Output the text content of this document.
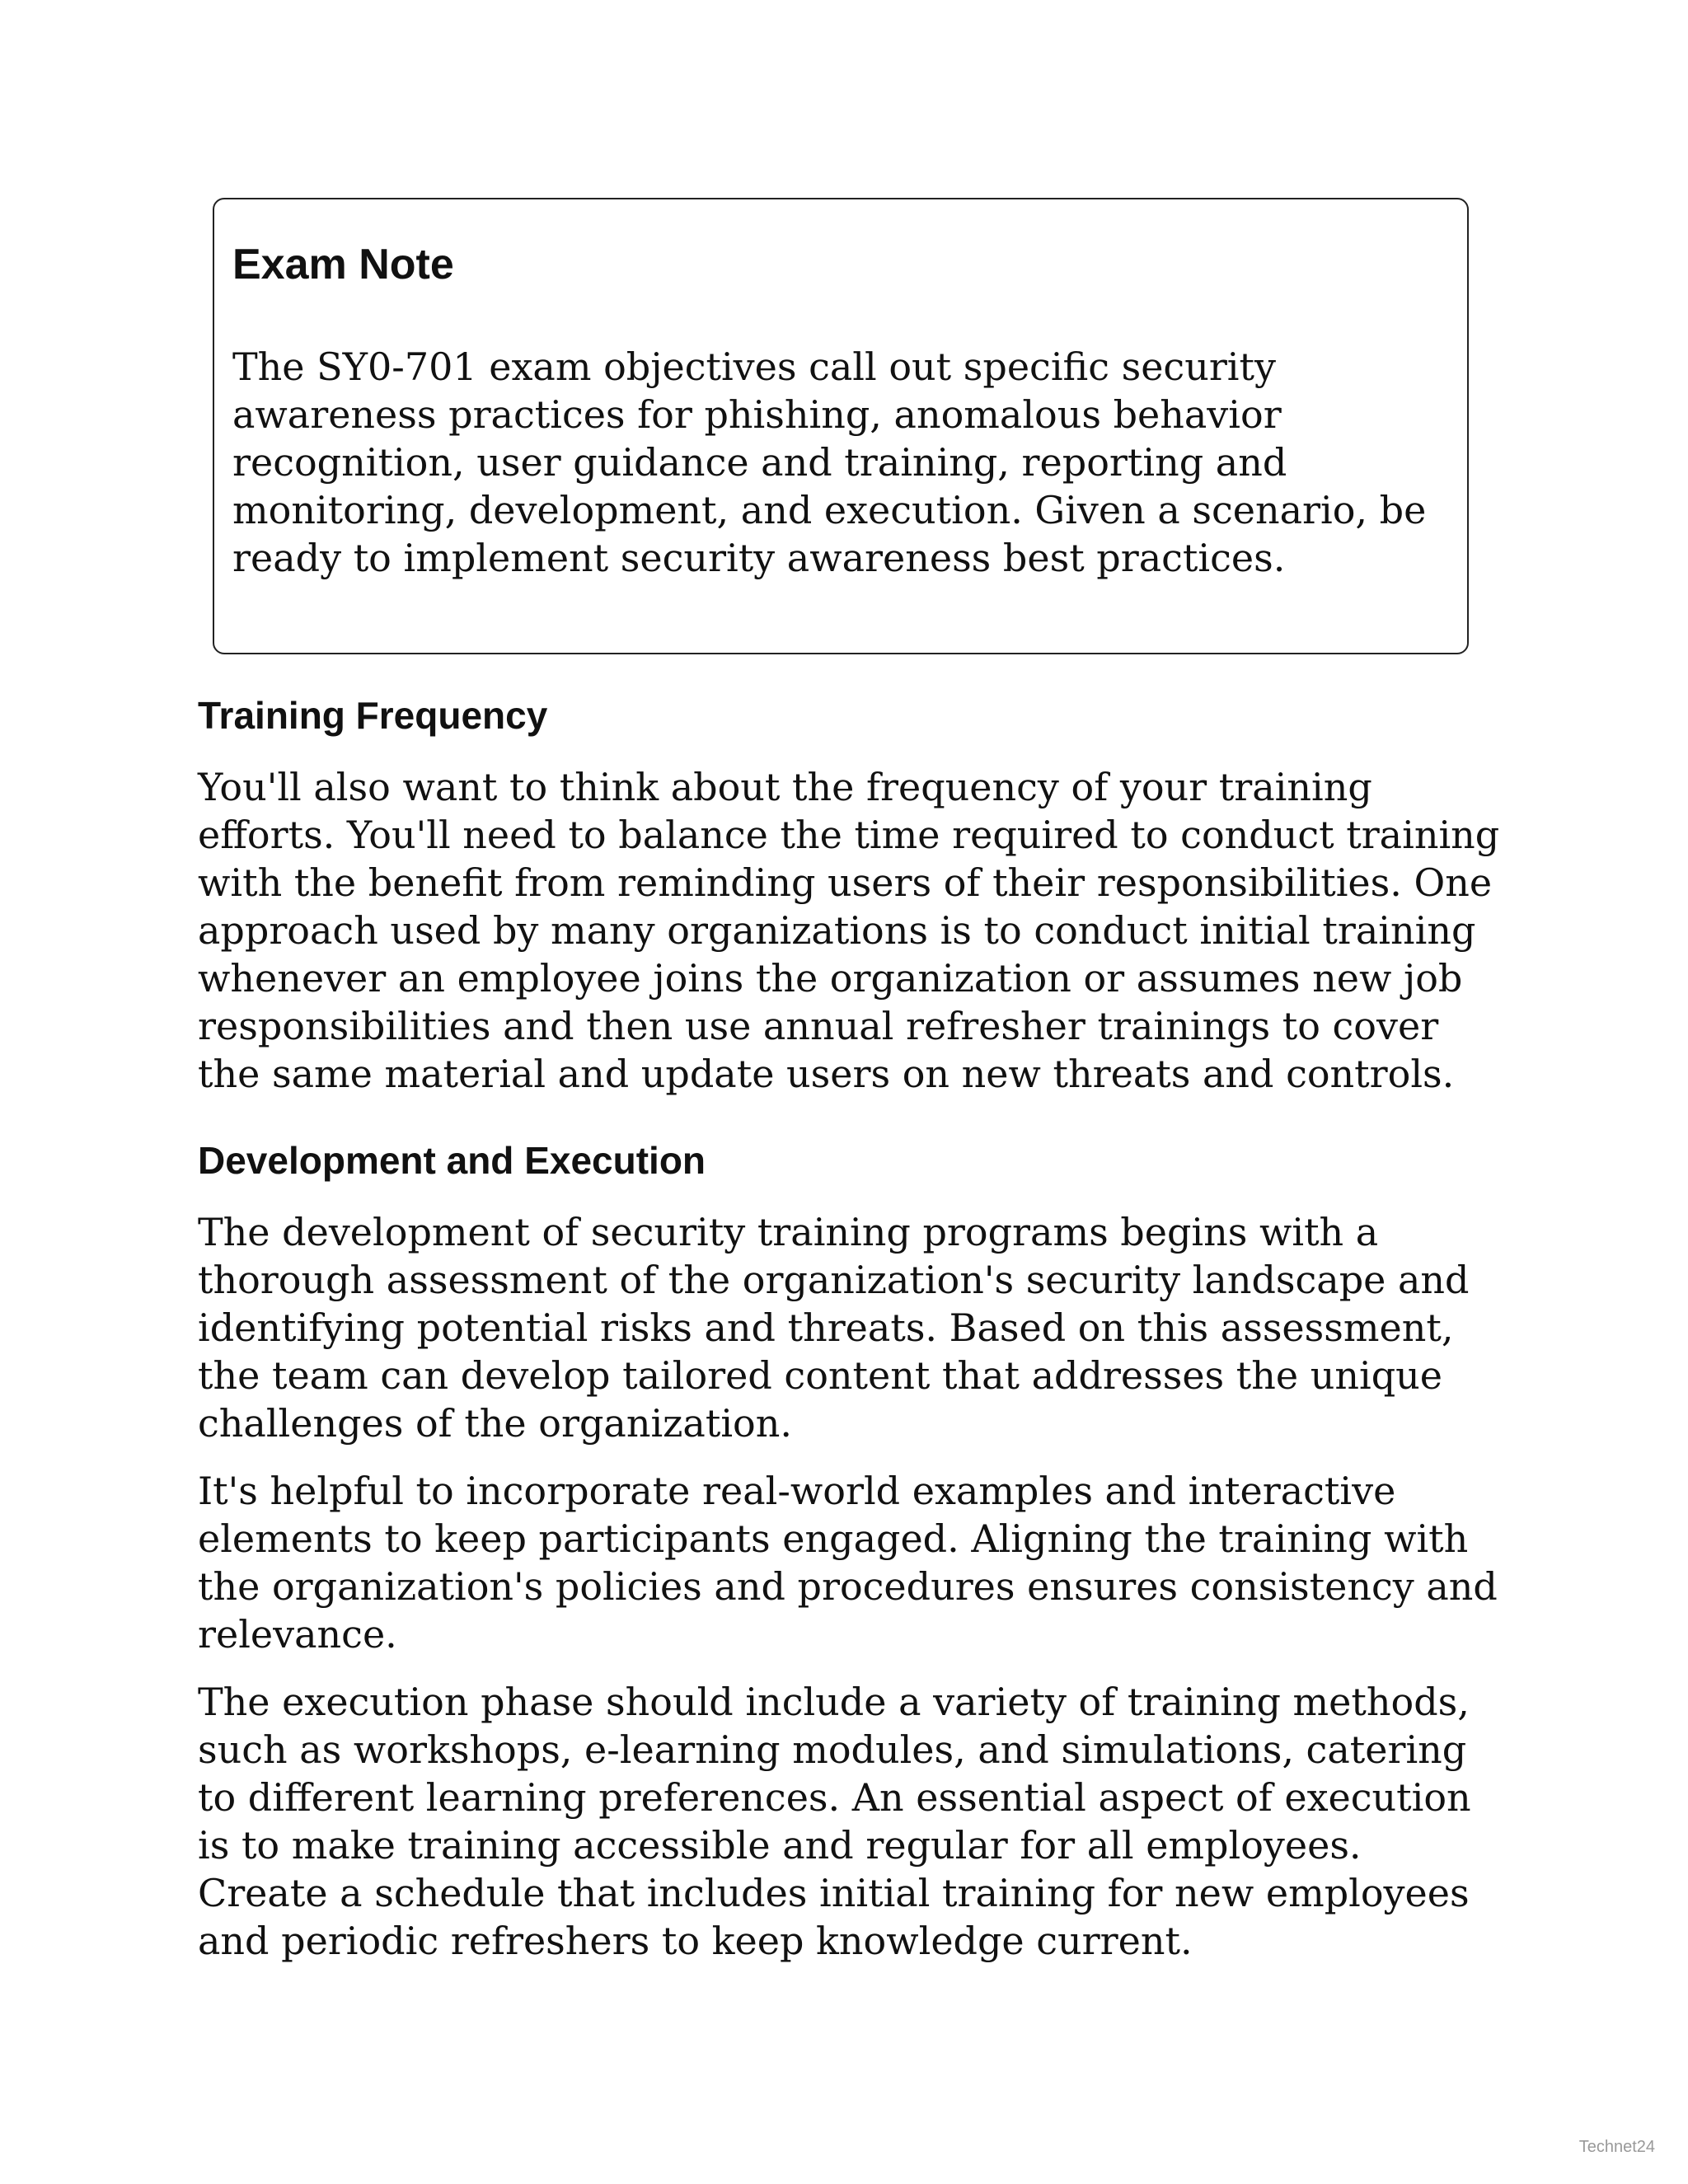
Exam Note

The SY0-701 exam objectives call out specific security awareness practices for phishing, anomalous behavior recognition, user guidance and training, reporting and monitoring, development, and execution. Given a scenario, be ready to implement security awareness best practices.

Training Frequency

You'll also want to think about the frequency of your training efforts. You'll need to balance the time required to conduct training with the benefit from reminding users of their responsibilities. One approach used by many organizations is to conduct initial training whenever an employee joins the organization or assumes new job responsibilities and then use annual refresher trainings to cover the same material and update users on new threats and controls.

Development and Execution

The development of security training programs begins with a thorough assessment of the organization's security landscape and identifying potential risks and threats. Based on this assessment, the team can develop tailored content that addresses the unique challenges of the organization.

It's helpful to incorporate real-world examples and interactive elements to keep participants engaged. Aligning the training with the organization's policies and procedures ensures consistency and relevance.

The execution phase should include a variety of training methods, such as workshops, e-learning modules, and simulations, catering to different learning preferences. An essential aspect of execution is to make training accessible and regular for all employees. Create a schedule that includes initial training for new employees and periodic refreshers to keep knowledge current.

Technet24
